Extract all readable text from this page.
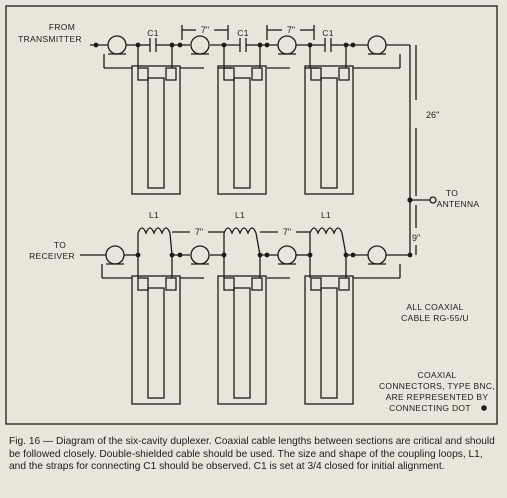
FROM
TRANSMITTER
TO
RECEIVER
TO
ANTENNA
C1	C1	C1
L1	L1	L1
7"	7"
7"	7"
26"
9"
ALL COAXIAL
CABLE RG-55/U
COAXIAL
CONNECTORS, TYPE BNC,
ARE REPRESENTED BY
CONNECTING DOT

Fig. 16 — Diagram of the six-cavity duplexer. Coaxial cable lengths between sections are critical and should be followed closely. Double-shielded cable should be used. The size and shape of the coupling loops, L1, and the straps for connecting C1 should be observed. C1 is set at 3/4 closed for initial alignment.
